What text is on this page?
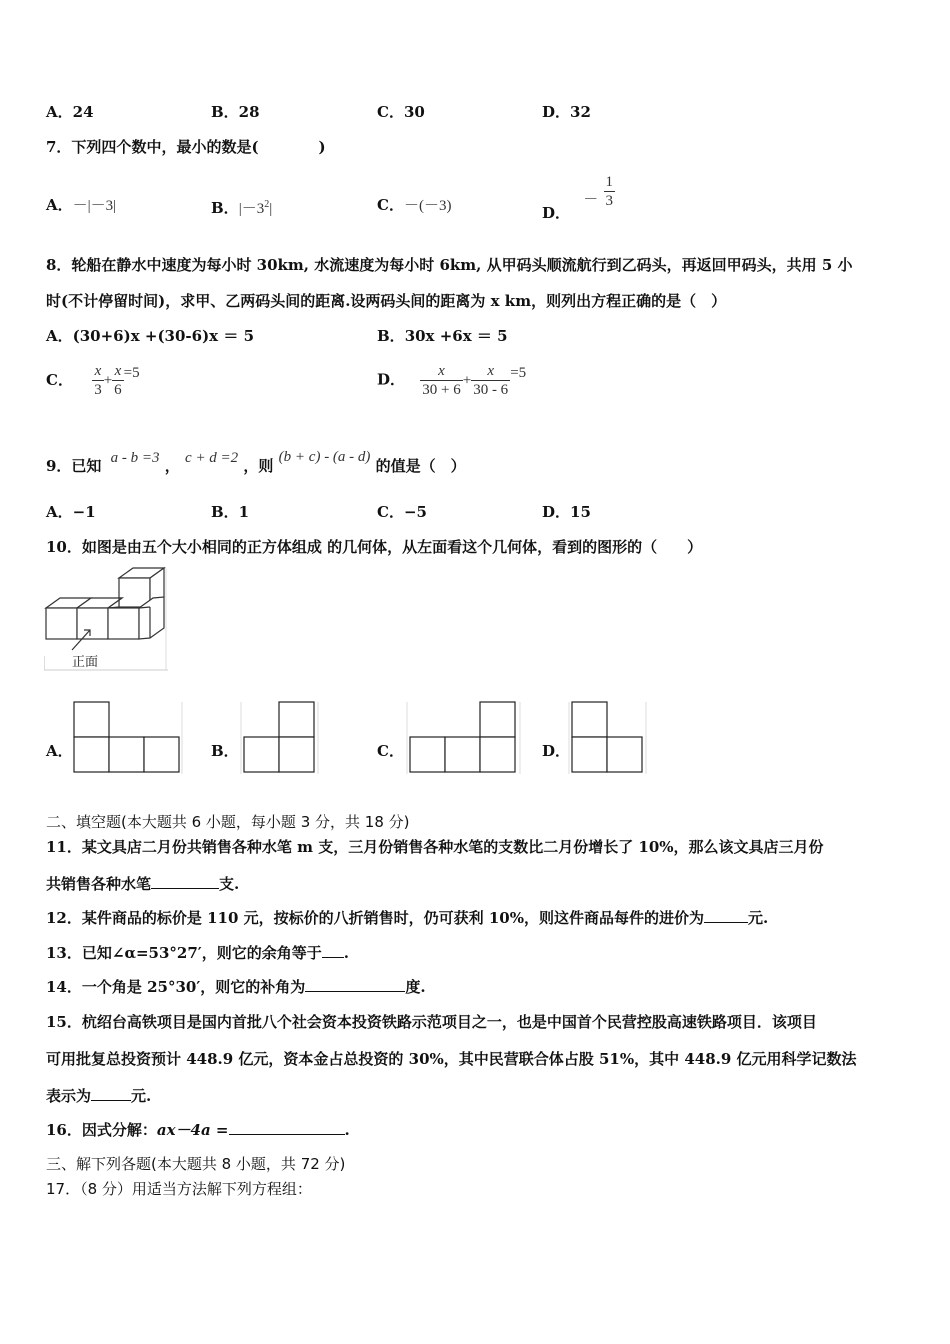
A．24	B．28	C．30	D．32
7．下列四个数中，最小的数是(　　　　)
A．－|－3|	B．$|-3^2|$	C．－(－3)	D． － $\frac{1}{3}$
8．轮船在静水中速度为每小时 30km, 水流速度为每小时 6km, 从甲码头顺流航行到乙码头，再返回甲码头，共用 5 小
时(不计停留时间)，求甲、乙两码头间的距离.设两码头间的距离为 x km，则列出方程正确的是（　）
A．(30+6)x +(30-6)x ＝ 5	B．30x +6x ＝ 5
C． $\frac{x}{3} + \frac{x}{6} =5$	D． $\frac{x}{30 + 6} + \frac{x}{30 - 6} =5$
9．已知 a - b =3 ， c + d =2 ，则 (b + c) - (a - d) 的值是（　）
A．−1	B．1	C．−5	D．15
10．如图是由五个大小相同的正方体组成 的几何体，从左面看这个几何体，看到的图形的（　　）
正面
A．	B．	C．	D．
二、填空题(本大题共 6 小题，每小题 3 分，共 18 分)
11．某文具店二月份共销售各种水笔 m 支，三月份销售各种水笔的支数比二月份增长了 10%，那么该文具店三月份
共销售各种水笔	支.
12．某件商品的标价是 110 元，按标价的八折销售时，仍可获利 10%，则这件商品每件的进价为	元.
13．已知∠α=53°27′，则它的余角等于 .
14．一个角是 25°30′，则它的补角为	度.
15．杭绍台高铁项目是国内首批八个社会资本投资铁路示范项目之一，也是中国首个民营控股高速铁路项目．该项目
可用批复总投资预计 448.9 亿元，资本金占总投资的 30%，其中民营联合体占股 51%，其中 448.9 亿元用科学记数法
表示为	元.
16．因式分解：ax－4a =	.
三、解下列各题(本大题共 8 小题，共 72 分)
17．（8 分）用适当方法解下列方程组：
